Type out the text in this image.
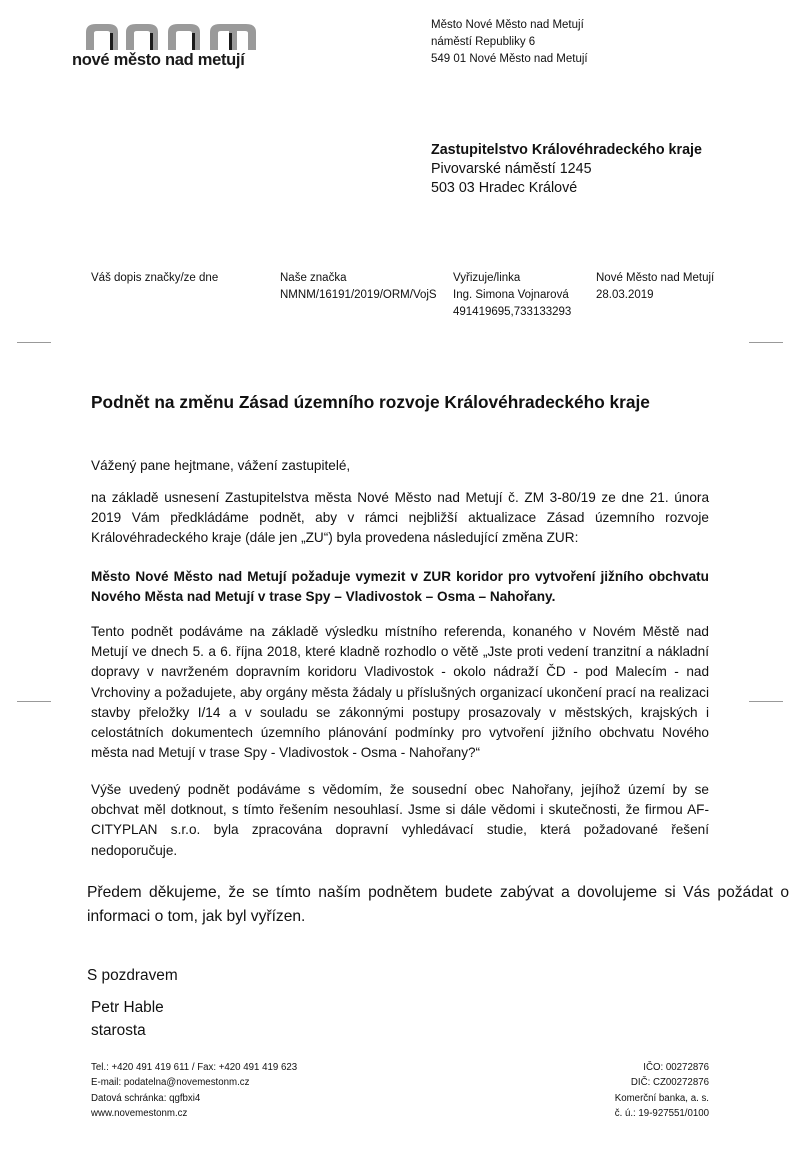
nové město nad metují
Město Nové Město nad Metují
náměstí Republiky 6
549 01 Nové Město nad Metují
Zastupitelstvo Královéhradeckého kraje
Pivovarské náměstí 1245
503 03 Hradec Králové
Váš dopis značky/ze dne	Naše značka
NMNM/16191/2019/ORM/VojS
Vyřizuje/linka
Ing. Simona Vojnarová
491419695,733133293
Nové Město nad Metují
28.03.2019
Podnět na změnu Zásad územního rozvoje Královéhradeckého kraje
Vážený pane hejtmane, vážení zastupitelé,
na základě usnesení Zastupitelstva města Nové Město nad Metují č. ZM 3-80/19 ze dne 21. února 2019 Vám předkládáme podnět, aby v rámci nejbližší aktualizace Zásad územního rozvoje Královéhradeckého kraje (dále jen „ZU“) byla provedena následující změna ZUR:
Město Nové Město nad Metují požaduje vymezit v ZUR koridor pro vytvoření jižního obchvatu Nového Města nad Metují v trase Spy – Vladivostok – Osma – Nahořany.
Tento podnět podáváme na základě výsledku místního referenda, konaného v Novém Městě nad Metují ve dnech 5. a 6. října 2018, které kladně rozhodlo o větě „Jste proti vedení tranzitní a nákladní dopravy v navrženém dopravním koridoru Vladivostok - okolo nádraží ČD - pod Malecím - nad Vrchoviny a požadujete, aby orgány města žádaly u příslušných organizací ukončení prací na realizaci stavby přeložky I/14 a v souladu se zákonnými postupy prosazovaly v městských, krajských i celostátních dokumentech územního plánování podmínky pro vytvoření jižního obchvatu Nového města nad Metují v trase Spy - Vladivostok - Osma - Nahořany?“
Výše uvedený podnět podáváme s vědomím, že sousední obec Nahořany, jejíhož území by se obchvat měl dotknout, s tímto řešením nesouhlasí. Jsme si dále vědomi i skutečnosti, že firmou AF-CITYPLAN s.r.o. byla zpracována dopravní vyhledávací studie, která požadované řešení nedoporučuje.
Předem děkujeme, že se tímto naším podnětem budete zabývat a dovolujeme si Vás požádat o informaci o tom, jak byl vyřízen.
S pozdravem
Petr Hable
starosta
Tel.: +420 491 419 611 / Fax: +420 491 419 623
E-mail: podatelna@novemestonm.cz
Datová schránka: qgfbxi4
www.novemestonm.cz
IČO: 00272876
DIČ: CZ00272876
Komerční banka, a. s.
č. ú.: 19-927551/0100
